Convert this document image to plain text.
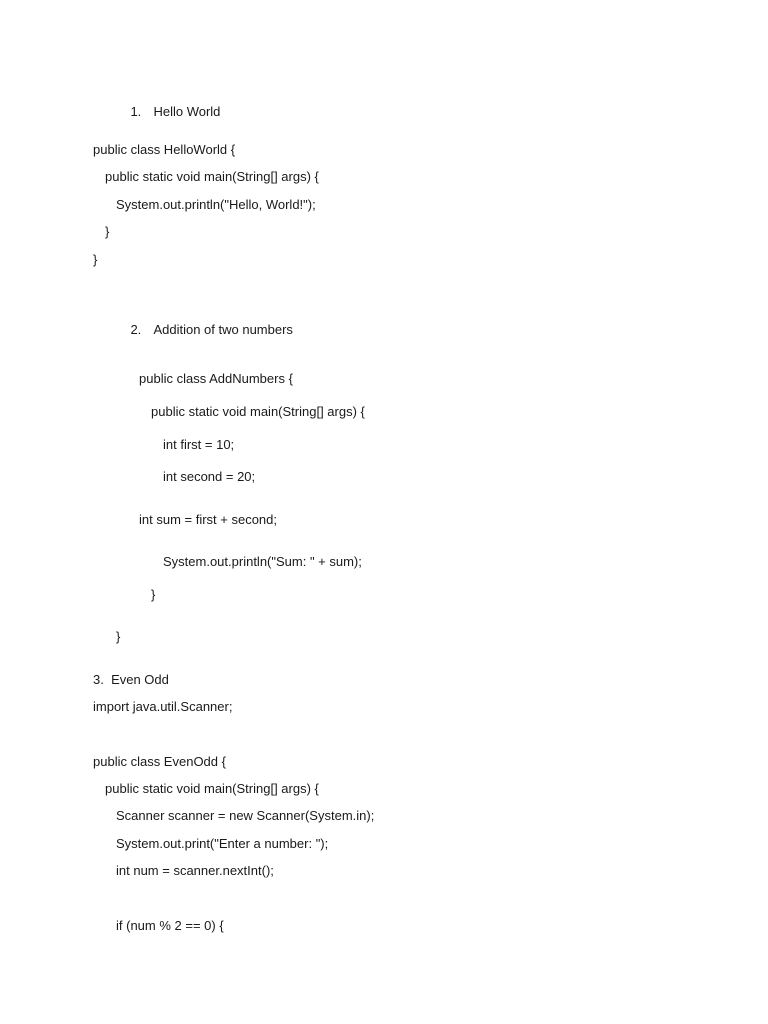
1. Hello World

public class HelloWorld {
public static void main(String[] args) {
System.out.println("Hello, World!");
}
}

2. Addition of two numbers

public class AddNumbers {
public static void main(String[] args) {
int first = 10;
int second = 20;
int sum = first + second;
System.out.println("Sum: " + sum);
}
}
3.  Even Odd
import java.util.Scanner;
public class EvenOdd {
public static void main(String[] args) {
Scanner scanner = new Scanner(System.in);
System.out.print("Enter a number: ");
int num = scanner.nextInt();
if (num % 2 == 0) {
